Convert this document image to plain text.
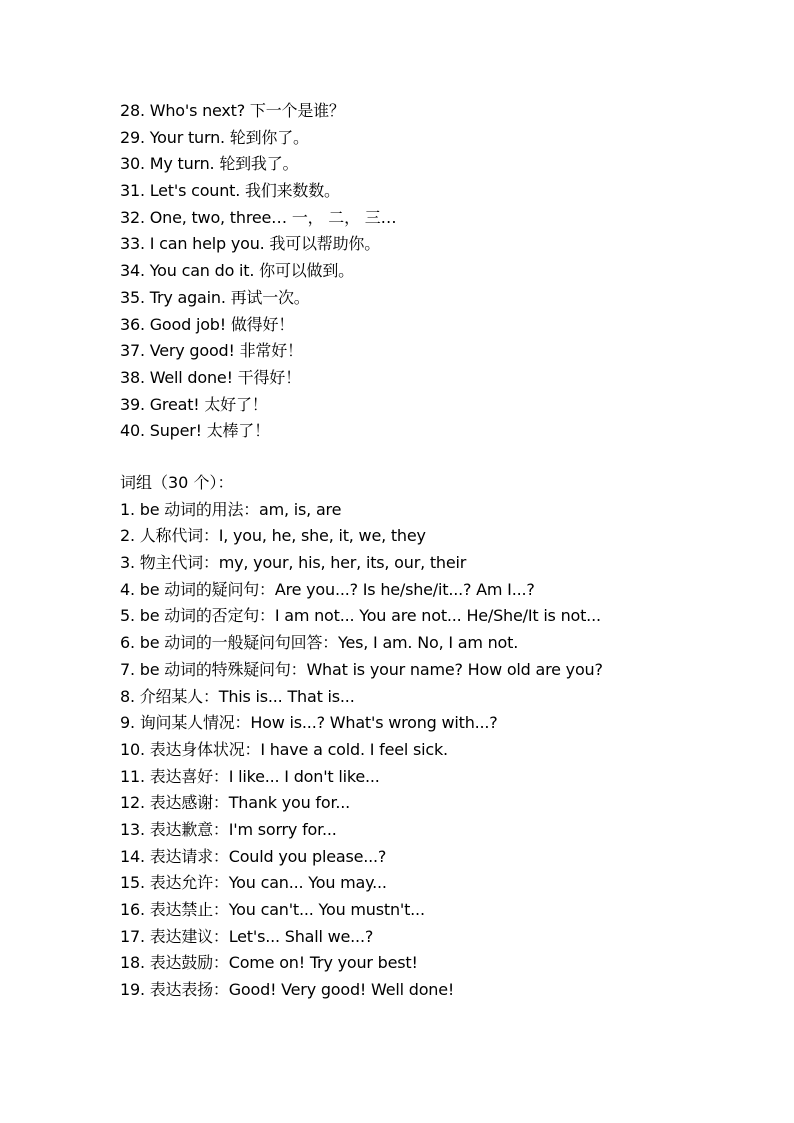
28. Who's next? 下一个是谁？
29. Your turn. 轮到你了。
30. My turn. 轮到我了。
31. Let's count. 我们来数数。
32. One, two, three… 一， 二， 三…
33. I can help you. 我可以帮助你。
34. You can do it. 你可以做到。
35. Try again. 再试一次。
36. Good job! 做得好！
37. Very good! 非常好！
38. Well done! 干得好！
39. Great! 太好了！
40. Super! 太棒了！
词组（30 个）：
1. be 动词的用法：am, is, are
2. 人称代词：I, you, he, she, it, we, they
3. 物主代词：my, your, his, her, its, our, their
4. be 动词的疑问句：Are you...? Is he/she/it...? Am I...?
5. be 动词的否定句：I am not... You are not... He/She/It is not...
6. be 动词的一般疑问句回答：Yes, I am. No, I am not.
7. be 动词的特殊疑问句：What is your name? How old are you?
8. 介绍某人：This is... That is...
9. 询问某人情况：How is...? What's wrong with...?
10. 表达身体状况：I have a cold. I feel sick.
11. 表达喜好：I like... I don't like...
12. 表达感谢：Thank you for...
13. 表达歉意：I'm sorry for...
14. 表达请求：Could you please...?
15. 表达允许：You can... You may...
16. 表达禁止：You can't... You mustn't...
17. 表达建议：Let's... Shall we...?
18. 表达鼓励：Come on! Try your best!
19. 表达表扬：Good! Very good! Well done!
